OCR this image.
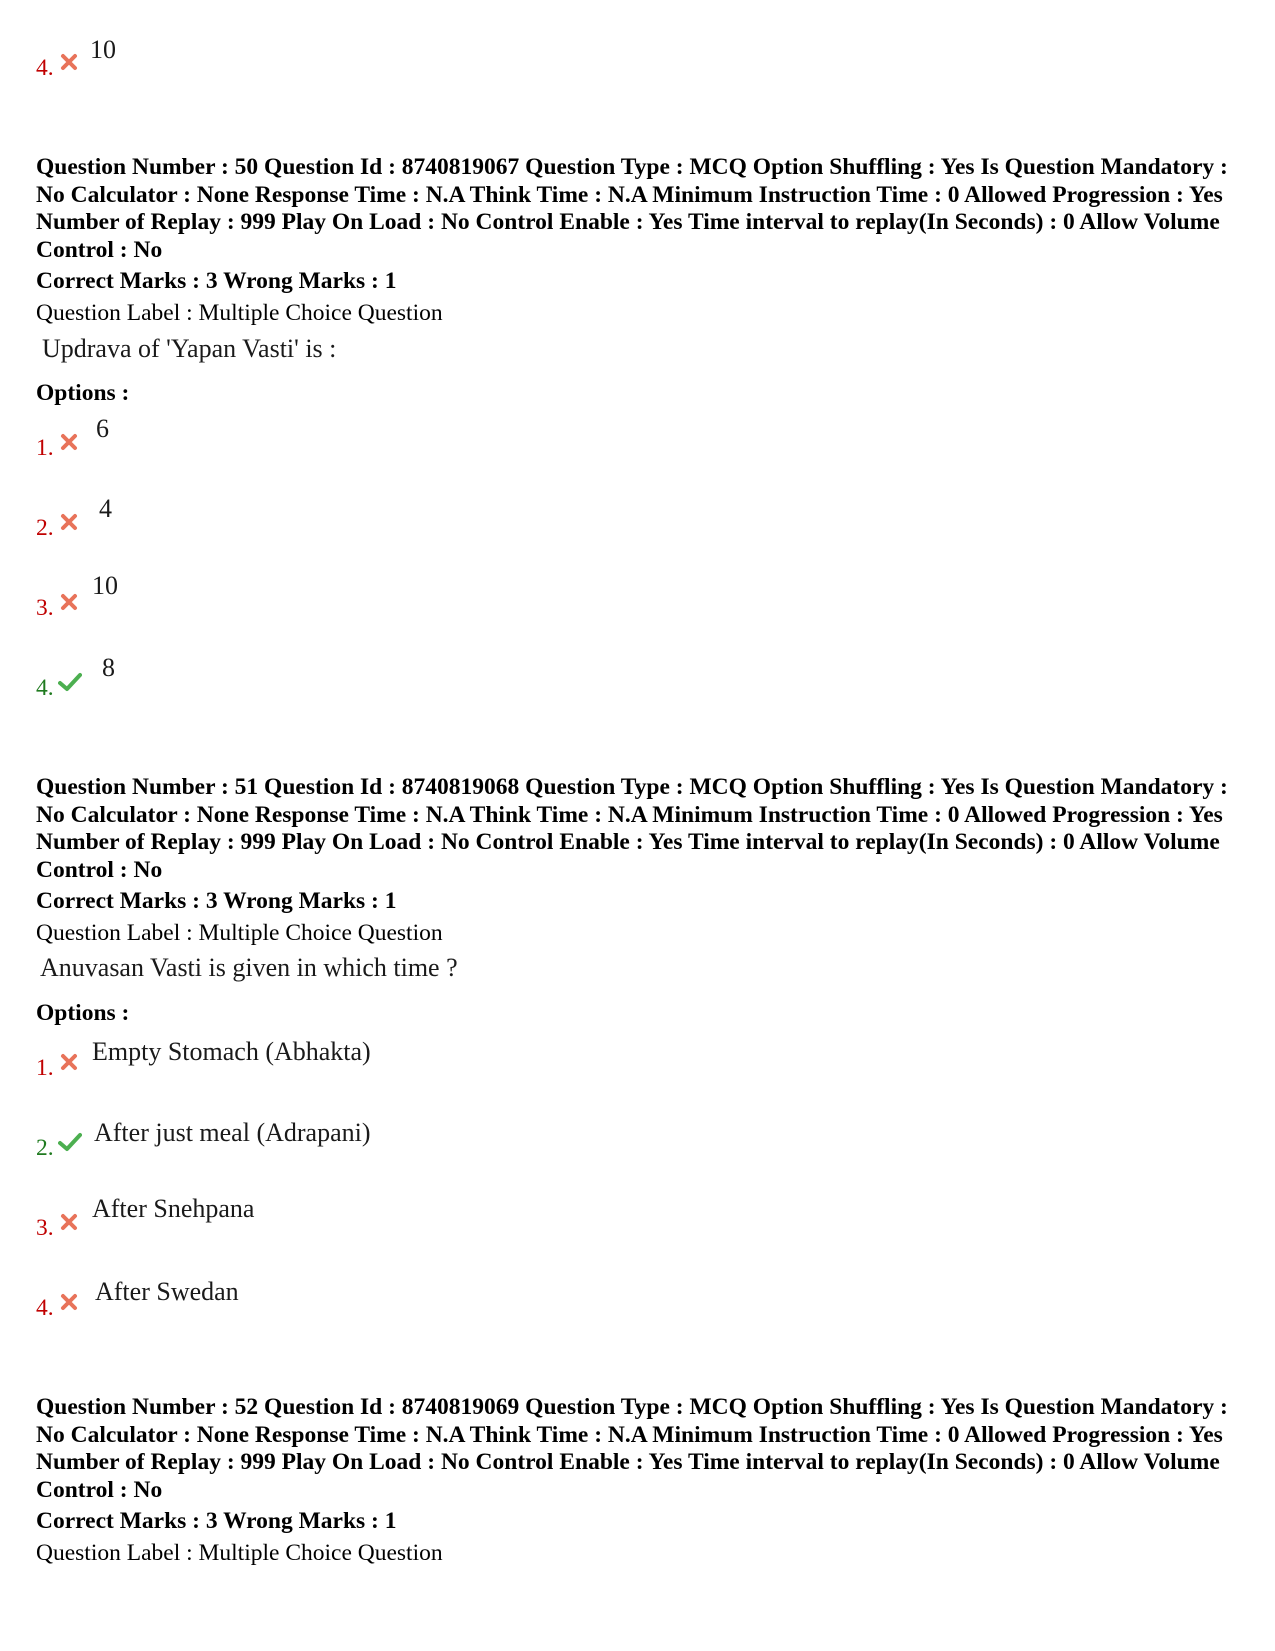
4.
10
Question Number : 50 Question Id : 8740819067 Question Type : MCQ Option Shuffling : Yes Is Question Mandatory : No Calculator : None Response Time : N.A Think Time : N.A Minimum Instruction Time : 0 Allowed Progression : Yes Number of Replay : 999 Play On Load : No Control Enable : Yes Time interval to replay(In Seconds) : 0 Allow Volume Control : No
Correct Marks : 3 Wrong Marks : 1
Question Label : Multiple Choice Question
Updrava of 'Yapan Vasti' is :
Options :
1.
6
2.
4
3.
10
4.
8
Question Number : 51 Question Id : 8740819068 Question Type : MCQ Option Shuffling : Yes Is Question Mandatory : No Calculator : None Response Time : N.A Think Time : N.A Minimum Instruction Time : 0 Allowed Progression : Yes Number of Replay : 999 Play On Load : No Control Enable : Yes Time interval to replay(In Seconds) : 0 Allow Volume Control : No
Correct Marks : 3 Wrong Marks : 1
Question Label : Multiple Choice Question
Anuvasan Vasti is given in which time ?
Options :
1.
Empty Stomach (Abhakta)
2.
After just meal (Adrapani)
3.
After Snehpana
4.
After Swedan
Question Number : 52 Question Id : 8740819069 Question Type : MCQ Option Shuffling : Yes Is Question Mandatory : No Calculator : None Response Time : N.A Think Time : N.A Minimum Instruction Time : 0 Allowed Progression : Yes Number of Replay : 999 Play On Load : No Control Enable : Yes Time interval to replay(In Seconds) : 0 Allow Volume Control : No
Correct Marks : 3 Wrong Marks : 1
Question Label : Multiple Choice Question
